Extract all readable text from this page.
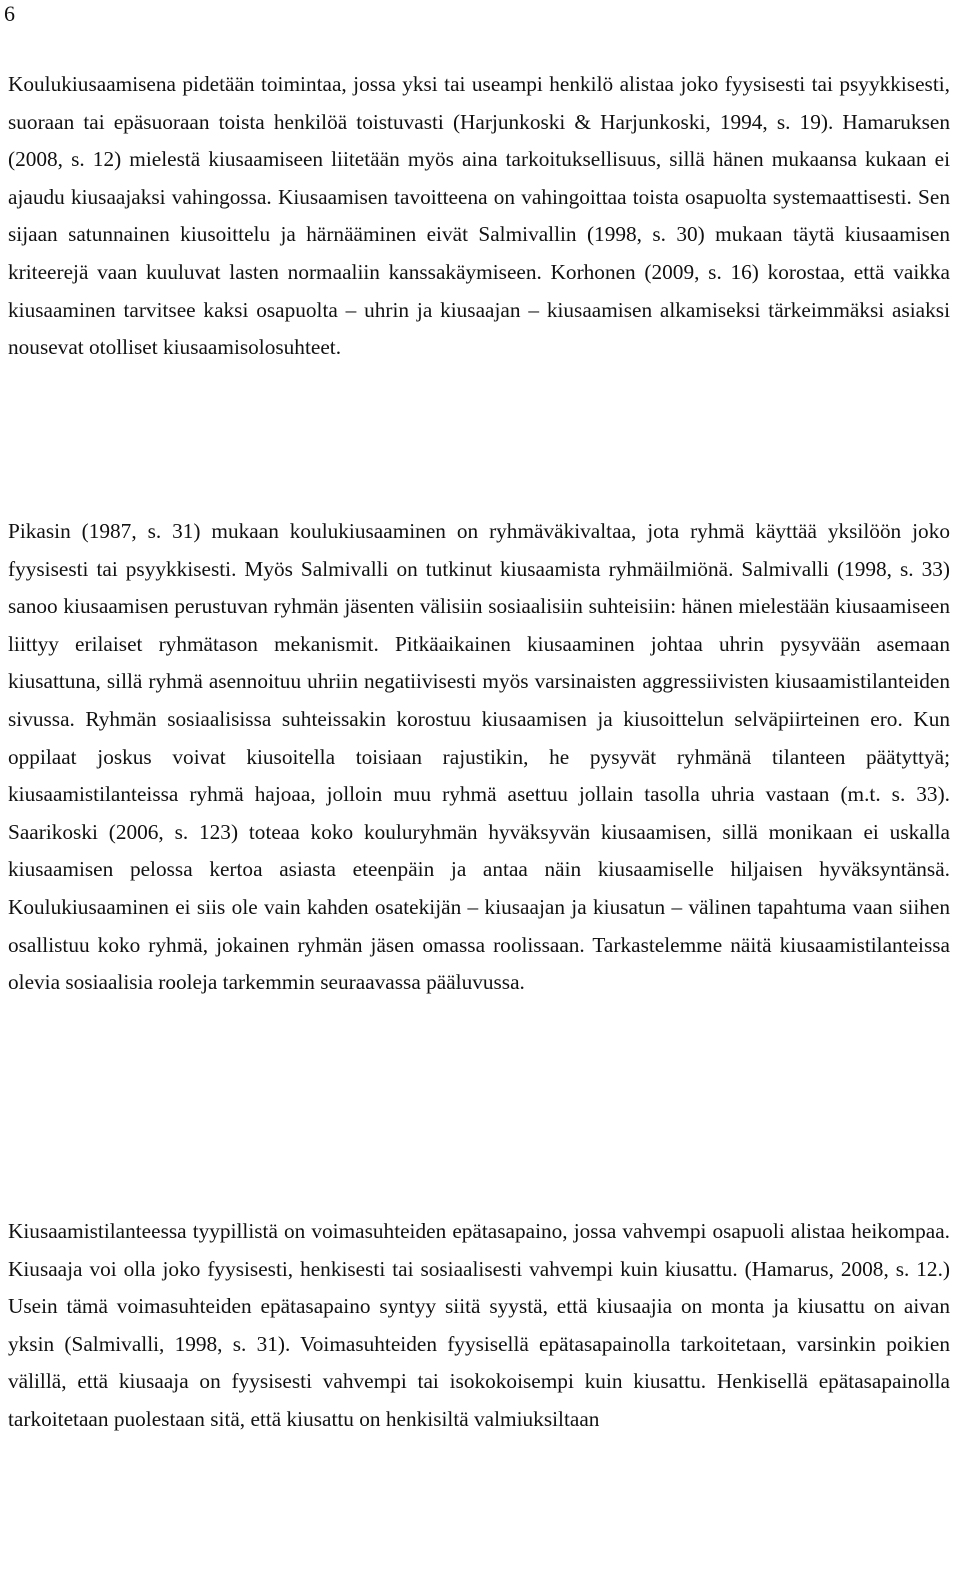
6

Koulukiusaamisena pidetään toimintaa, jossa yksi tai useampi henkilö alistaa joko fyysisesti tai psyykkisesti, suoraan tai epäsuoraan toista henkilöä toistuvasti (Harjunkoski & Harjunkoski, 1994, s. 19). Hamaruksen (2008, s. 12) mielestä kiusaamiseen liitetään myös aina tarkoituksellisuus, sillä hänen mukaansa kukaan ei ajaudu kiusaajaksi vahingossa. Kiusaamisen tavoitteena on vahingoittaa toista osapuolta systemaattisesti. Sen sijaan satunnainen kiusoittelu ja härnääminen eivät Salmivallin (1998, s. 30) mukaan täytä kiusaamisen kriteerejä vaan kuuluvat lasten normaaliin kanssakäymiseen. Korhonen (2009, s. 16) korostaa, että vaikka kiusaaminen tarvitsee kaksi osapuolta – uhrin ja kiusaajan – kiusaamisen alkamiseksi tärkeimmäksi asiaksi nousevat otolliset kiusaamisolosuhteet.

Pikasin (1987, s. 31) mukaan koulukiusaaminen on ryhmäväkivaltaa, jota ryhmä käyttää yksilöön joko fyysisesti tai psyykkisesti. Myös Salmivalli on tutkinut kiusaamista ryhmäilmiönä. Salmivalli (1998, s. 33) sanoo kiusaamisen perustuvan ryhmän jäsenten välisiin sosiaalisiin suhteisiin: hänen mielestään kiusaamiseen liittyy erilaiset ryhmätason mekanismit. Pitkäaikainen kiusaaminen johtaa uhrin pysyvään asemaan kiusattuna, sillä ryhmä asennoituu uhriin negatiivisesti myös varsinaisten aggressiivisten kiusaamistilanteiden sivussa. Ryhmän sosiaalisissa suhteissakin korostuu kiusaamisen ja kiusoittelun selväpiirteinen ero. Kun oppilaat joskus voivat kiusoitella toisiaan rajustikin, he pysyvät ryhmänä tilanteen päätyttyä; kiusaamistilanteissa ryhmä hajoaa, jolloin muu ryhmä asettuu jollain tasolla uhria vastaan (m.t. s. 33). Saarikoski (2006, s. 123) toteaa koko kouluryhmän hyväksyvän kiusaamisen, sillä monikaan ei uskalla kiusaamisen pelossa kertoa asiasta eteenpäin ja antaa näin kiusaamiselle hiljaisen hyväksyntänsä. Koulukiusaaminen ei siis ole vain kahden osatekijän – kiusaajan ja kiusatun – välinen tapahtuma vaan siihen osallistuu koko ryhmä, jokainen ryhmän jäsen omassa roolissaan. Tarkastelemme näitä kiusaamistilanteissa olevia sosiaalisia rooleja tarkemmin seuraavassa pääluvussa.

Kiusaamistilanteessa tyypillistä on voimasuhteiden epätasapaino, jossa vahvempi osapuoli alistaa heikompaa. Kiusaaja voi olla joko fyysisesti, henkisesti tai sosiaalisesti vahvempi kuin kiusattu. (Hamarus, 2008, s. 12.) Usein tämä voimasuhteiden epätasapaino syntyy siitä syystä, että kiusaajia on monta ja kiusattu on aivan yksin (Salmivalli, 1998, s. 31). Voimasuhteiden fyysisellä epätasapainolla tarkoitetaan, varsinkin poikien välillä, että kiusaaja on fyysisesti vahvempi tai isokokoisempi kuin kiusattu. Henkisellä epätasapainolla tarkoitetaan puolestaan sitä, että kiusattu on henkisiltä valmiuksiltaan
